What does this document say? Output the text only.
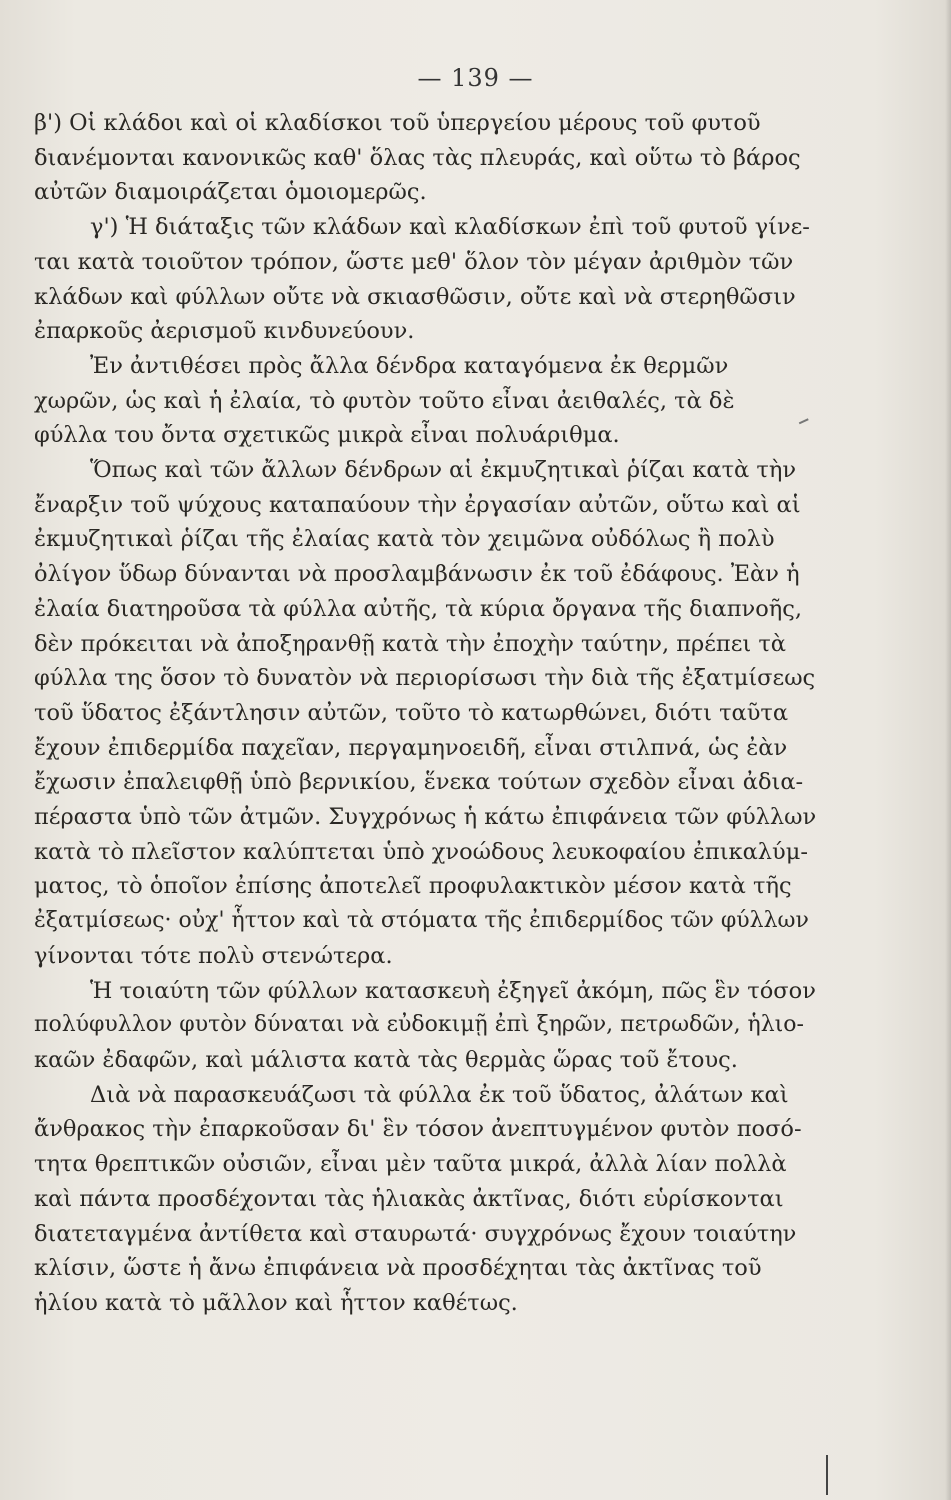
— 139 —
β') Οἱ κλάδοι καὶ οἱ κλαδίσκοι τοῦ ὑπεργείου μέρους τοῦ φυτοῦ
διανέμονται κανονικῶς καθ' ὅλας τὰς πλευράς, καὶ οὕτω τὸ βάρος
αὐτῶν διαμοιράζεται ὁμοιομερῶς.
γ') Ἡ διάταξις τῶν κλάδων καὶ κλαδίσκων ἐπὶ τοῦ φυτοῦ γίνε-
ται κατὰ τοιοῦτον τρόπον, ὥστε μεθ' ὅλον τὸν μέγαν ἀριθμὸν τῶν
κλάδων καὶ φύλλων οὔτε νὰ σκιασθῶσιν, οὔτε καὶ νὰ στερηθῶσιν
ἐπαρκοῦς ἀερισμοῦ κινδυνεύουν.
Ἐν ἀντιθέσει πρὸς ἄλλα δένδρα καταγόμενα ἐκ θερμῶν
χωρῶν, ὡς καὶ ἡ ἐλαία, τὸ φυτὸν τοῦτο εἶναι ἀειθαλές, τὰ δὲ
φύλλα του ὄντα σχετικῶς μικρὰ εἶναι πολυάριθμα.
Ὅπως καὶ τῶν ἄλλων δένδρων αἱ ἐκμυζητικαὶ ῥίζαι κατὰ τὴν
ἔναρξιν τοῦ ψύχους καταπαύουν τὴν ἐργασίαν αὐτῶν, οὕτω καὶ αἱ
ἐκμυζητικαὶ ῥίζαι τῆς ἐλαίας κατὰ τὸν χειμῶνα οὐδόλως ἢ πολὺ
ὀλίγον ὕδωρ δύνανται νὰ προσλαμβάνωσιν ἐκ τοῦ ἐδάφους. Ἐὰν ἡ
ἐλαία διατηροῦσα τὰ φύλλα αὐτῆς, τὰ κύρια ὄργανα τῆς διαπνοῆς,
δὲν πρόκειται νὰ ἀποξηρανθῇ κατὰ τὴν ἐποχὴν ταύτην, πρέπει τὰ
φύλλα της ὅσον τὸ δυνατὸν νὰ περιορίσωσι τὴν διὰ τῆς ἐξατμίσεως
τοῦ ὕδατος ἐξάντλησιν αὐτῶν, τοῦτο τὸ κατωρθώνει, διότι ταῦτα
ἔχουν ἐπιδερμίδα παχεῖαν, περγαμηνοειδῆ, εἶναι στιλπνά, ὡς ἐὰν
ἔχωσιν ἐπαλειφθῇ ὑπὸ βερνικίου, ἕνεκα τούτων σχεδὸν εἶναι ἀδια-
πέραστα ὑπὸ τῶν ἀτμῶν. Συγχρόνως ἡ κάτω ἐπιφάνεια τῶν φύλλων
κατὰ τὸ πλεῖστον καλύπτεται ὑπὸ χνοώδους λευκοφαίου ἐπικαλύμ-
ματος, τὸ ὁποῖον ἐπίσης ἀποτελεῖ προφυλακτικὸν μέσον κατὰ τῆς
ἐξατμίσεως· οὐχ' ἧττον καὶ τὰ στόματα τῆς ἐπιδερμίδος τῶν φύλλων
γίνονται τότε πολὺ στενώτερα.
Ἡ τοιαύτη τῶν φύλλων κατασκευὴ ἐξηγεῖ ἀκόμη, πῶς ἓν τόσον
πολύφυλλον φυτὸν δύναται νὰ εὐδοκιμῇ ἐπὶ ξηρῶν, πετρωδῶν, ἡλιο-
καῶν ἐδαφῶν, καὶ μάλιστα κατὰ τὰς θερμὰς ὥρας τοῦ ἔτους.
Διὰ νὰ παρασκευάζωσι τὰ φύλλα ἐκ τοῦ ὕδατος, ἀλάτων καὶ
ἄνθρακος τὴν ἐπαρκοῦσαν δι' ἓν τόσον ἀνεπτυγμένον φυτὸν ποσό-
τητα θρεπτικῶν οὐσιῶν, εἶναι μὲν ταῦτα μικρά, ἀλλὰ λίαν πολλὰ
καὶ πάντα προσδέχονται τὰς ἡλιακὰς ἀκτῖνας, διότι εὑρίσκονται
διατεταγμένα ἀντίθετα καὶ σταυρωτά· συγχρόνως ἔχουν τοιαύτην
κλίσιν, ὥστε ἡ ἄνω ἐπιφάνεια νὰ προσδέχηται τὰς ἀκτῖνας τοῦ
ἡλίου κατὰ τὸ μᾶλλον καὶ ἧττον καθέτως.
